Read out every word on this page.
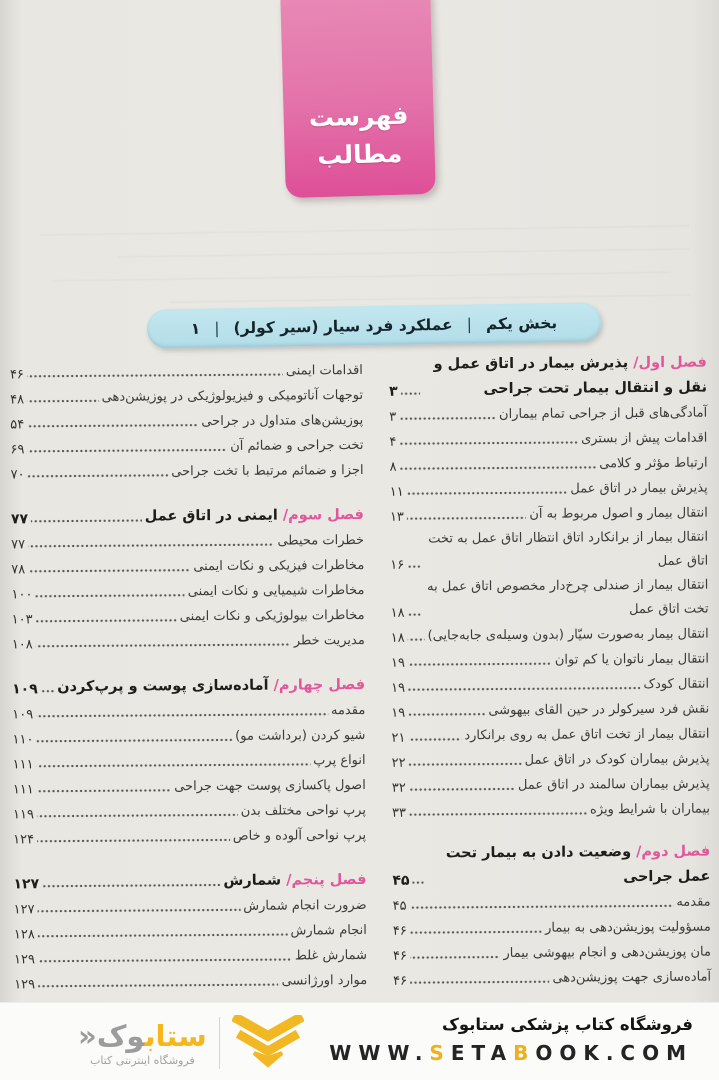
فهرست
مطالب
بخش یکم
|
عملکرد فرد سیار (سیر کولر)
|
۱
فصل اول/ پذیرش بیمار در اتاق عمل و نقل و انتقال بیمار تحت جراحی
۳
آمادگی‌های قبل از جراحی تمام بیماران
۳
اقدامات پیش از بستری
۴
ارتباط مؤثر و کلامی
۸
پذیرش بیمار در اتاق عمل
۱۱
انتقال بیمار و اصول مربوط به آن
۱۳
انتقال بیمار از برانکارد اتاق انتظار اتاق عمل به تخت اتاق عمل
۱۶
انتقال بیمار از صندلی چرخ‌دار مخصوص اتاق عمل به تخت اتاق عمل
۱۸
انتقال بیمار به‌صورت سیّار (بدون وسیله‌ی جابه‌جایی)
۱۸
انتقال بیمار ناتوان یا کم توان
۱۹
انتقال کودک
۱۹
نقش فرد سیرکولر در حین القای بیهوشی
۱۹
انتقال بیمار از تخت اتاق عمل به روی برانکارد
۲۱
پذیرش بیماران کودک در اتاق عمل
۲۲
پذیرش بیماران سالمند در اتاق عمل
۳۲
بیماران با شرایط ویژه
۳۳
فصل دوم/ وضعیت دادن به بیمار تحت عمل جراحی
۴۵
مقدمه
۴۵
مسؤولیت پوزیشن‌دهی به بیمار
۴۶
مان پوزیشن‌دهی و انجام بیهوشی بیمار
۴۶
آماده‌سازی جهت پوزیشن‌دهی
۴۶
اقدامات ایمنی
۴۶
توجهات آناتومیکی و فیزیولوژیکی در پوزیشن‌دهی
۴۸
پوزیشن‌های متداول در جراحی
۵۴
تخت جراحی و ضمائم آن
۶۹
اجزا و ضمائم مرتبط با تخت جراحی
۷۰
فصل سوم/ ایمنی در اتاق عمل
۷۷
خطرات محیطی
۷۷
مخاطرات فیزیکی و نکات ایمنی
۷۸
مخاطرات شیمیایی و نکات ایمنی
۱۰۰
مخاطرات بیولوژیکی و نکات ایمنی
۱۰۳
مدیریت خطر
۱۰۸
فصل چهارم/ آماده‌سازی پوست و پرپ‌کردن
۱۰۹
مقدمه
۱۰۹
شیو کردن (برداشت مو)
۱۱۰
انواع پرپ
۱۱۱
اصول پاکسازی پوست جهت جراحی
۱۱۱
پرپ نواحی مختلف بدن
۱۱۹
پرپ نواحی آلوده و خاص
۱۲۴
فصل پنجم/ شمارش
۱۲۷
ضرورت انجام شمارش
۱۲۷
انجام شمارش
۱۲۸
شمارش غلط
۱۲۹
موارد اورژانسی
۱۲۹
فروشگاه کتاب پزشکی ستابوک
WWW.SETABOOK.COM
ستابوک«
فروشگاه اینترنتی کتاب
